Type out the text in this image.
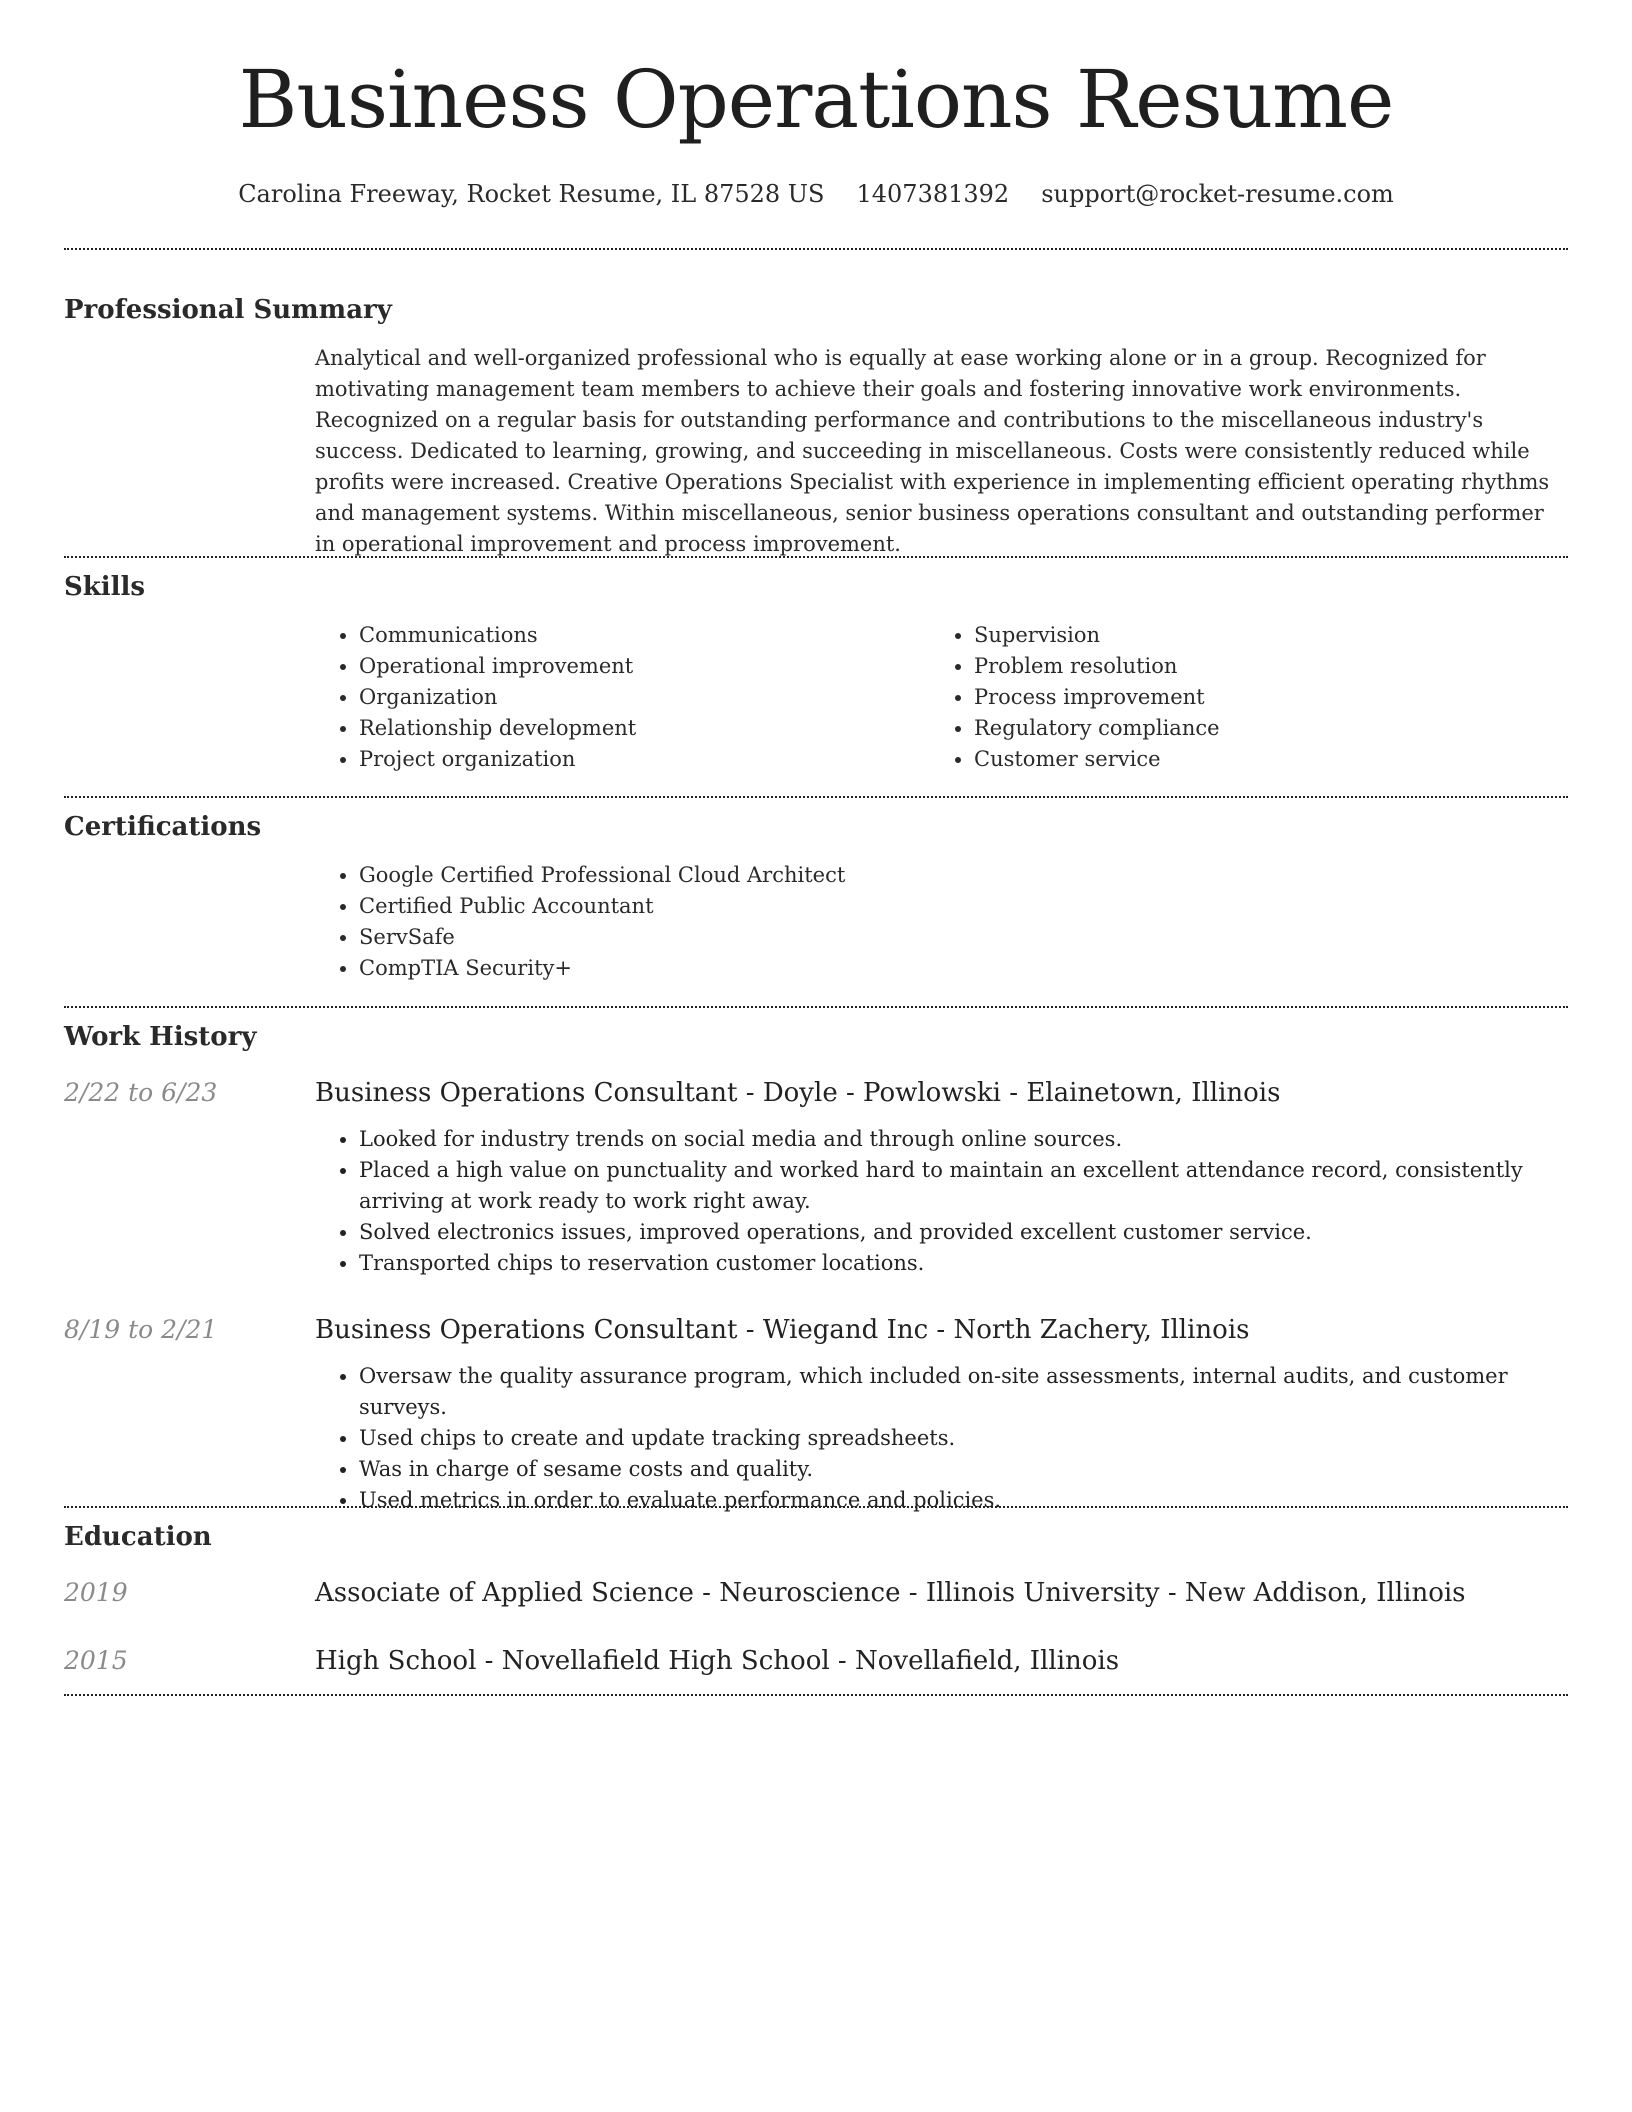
Business Operations Resume
Carolina Freeway, Rocket Resume, IL 87528 US 1407381392 support@rocket-resume.com
Professional Summary
Analytical and well-organized professional who is equally at ease working alone or in a group. Recognized for motivating management team members to achieve their goals and fostering innovative work environments. Recognized on a regular basis for outstanding performance and contributions to the miscellaneous industry's success. Dedicated to learning, growing, and succeeding in miscellaneous. Costs were consistently reduced while profits were increased. Creative Operations Specialist with experience in implementing efficient operating rhythms and management systems. Within miscellaneous, senior business operations consultant and outstanding performer in operational improvement and process improvement.
Skills
• Communications
• Operational improvement
• Organization
• Relationship development
• Project organization
• Supervision
• Problem resolution
• Process improvement
• Regulatory compliance
• Customer service
Certifications
• Google Certified Professional Cloud Architect
• Certified Public Accountant
• ServSafe
• CompTIA Security+
Work History
2/22 to 6/23	Business Operations Consultant - Doyle - Powlowski - Elainetown, Illinois
• Looked for industry trends on social media and through online sources.
• Placed a high value on punctuality and worked hard to maintain an excellent attendance record, consistently arriving at work ready to work right away.
• Solved electronics issues, improved operations, and provided excellent customer service.
• Transported chips to reservation customer locations.
8/19 to 2/21	Business Operations Consultant - Wiegand Inc - North Zachery, Illinois
• Oversaw the quality assurance program, which included on-site assessments, internal audits, and customer surveys.
• Used chips to create and update tracking spreadsheets.
• Was in charge of sesame costs and quality.
• Used metrics in order to evaluate performance and policies.
Education
2019	Associate of Applied Science - Neuroscience - Illinois University - New Addison, Illinois
2015	High School - Novellafield High School - Novellafield, Illinois
